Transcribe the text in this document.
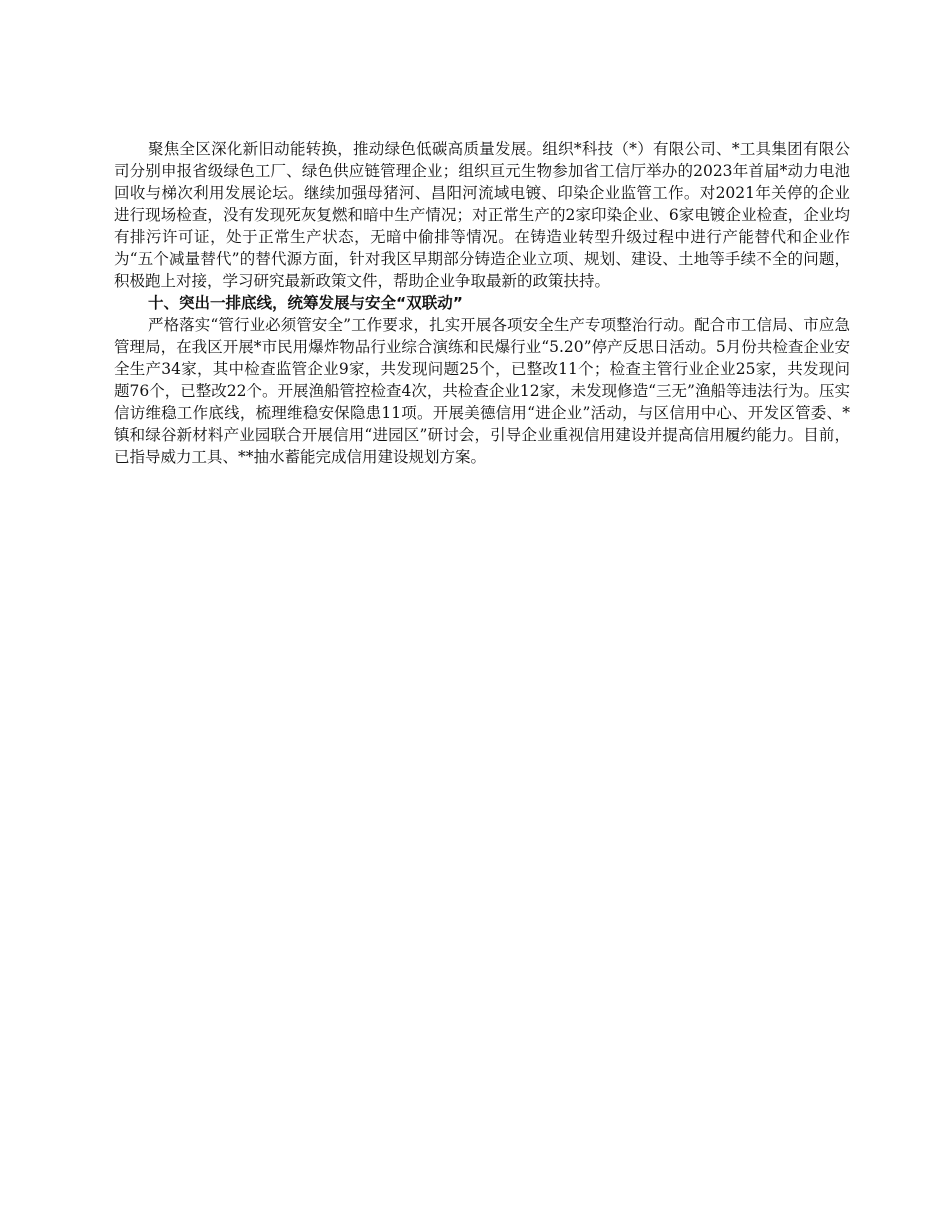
聚焦全区深化新旧动能转换，推动绿色低碳高质量发展。组织*科技（*）有限公司、*工具集团有限公司分别申报省级绿色工厂、绿色供应链管理企业；组织亘元生物参加省工信厅举办的2023年首届*动力电池回收与梯次利用发展论坛。继续加强母猪河、昌阳河流域电镀、印染企业监管工作。对2021年关停的企业进行现场检查，没有发现死灰复燃和暗中生产情况；对正常生产的2家印染企业、6家电镀企业检查，企业均有排污许可证，处于正常生产状态，无暗中偷排等情况。在铸造业转型升级过程中进行产能替代和企业作为“五个减量替代”的替代源方面，针对我区早期部分铸造企业立项、规划、建设、土地等手续不全的问题，积极跑上对接，学习研究最新政策文件，帮助企业争取最新的政策扶持。

十、突出一排底线，统筹发展与安全“双联动”

严格落实“管行业必须管安全”工作要求，扎实开展各项安全生产专项整治行动。配合市工信局、市应急管理局，在我区开展*市民用爆炸物品行业综合演练和民爆行业“5.20”停产反思日活动。5月份共检查企业安全生产34家，其中检查监管企业9家，共发现问题25个，已整改11个；检查主管行业企业25家，共发现问题76个，已整改22个。开展渔船管控检查4次，共检查企业12家，未发现修造“三无”渔船等违法行为。压实信访维稳工作底线，梳理维稳安保隐患11项。开展美德信用“进企业”活动，与区信用中心、开发区管委、*镇和绿谷新材料产业园联合开展信用“进园区”研讨会，引导企业重视信用建设并提高信用履约能力。目前，已指导威力工具、**抽水蓄能完成信用建设规划方案。
